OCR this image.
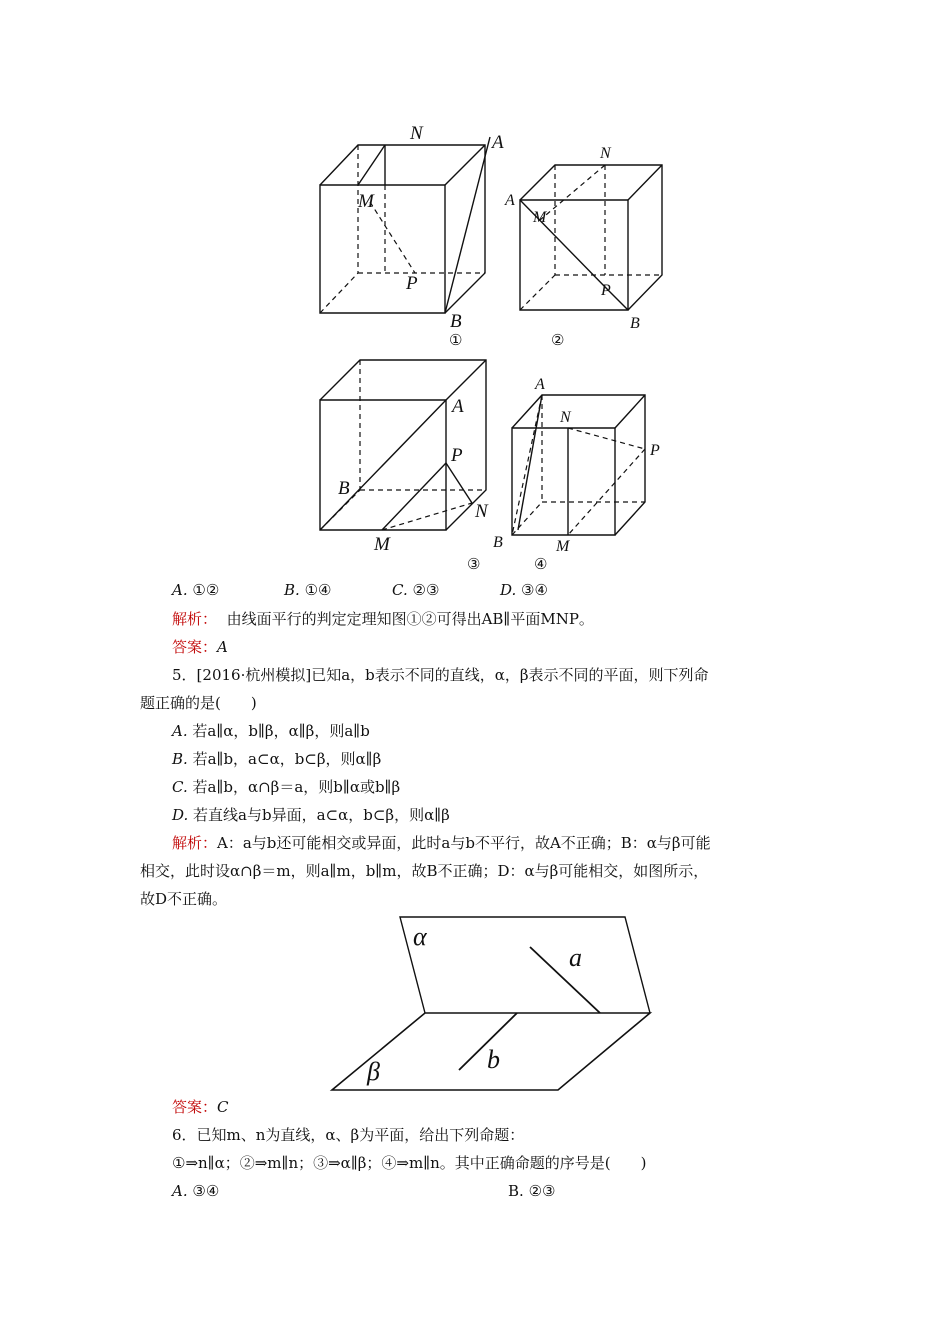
N	A
M
P
B
①
N
A
M
P
B
②
A
P
B
N
M
③
A
N
P
B	M
④
A. ①②	B. ①④	C. ②③	D. ③④
解析： 由线面平行的判定定理知图①②可得出AB∥平面MNP。
答案：A
5．[2016·杭州模拟]已知a，b表示不同的直线，α，β表示不同的平面，则下列命
题正确的是(　　)
A. 若a∥α，b∥β，α∥β，则a∥b
B. 若a∥b，a⊂α，b⊂β，则α∥β
C. 若a∥b，α∩β＝a，则b∥α或b∥β
D. 若直线a与b异面，a⊂α，b⊂β，则α∥β
解析：A：a与b还可能相交或异面，此时a与b不平行，故A不正确；B：α与β可能
相交，此时设α∩β＝m，则a∥m，b∥m，故B不正确；D：α与β可能相交，如图所示，
故D不正确。
α
a
β	b
答案：C
6．已知m、n为直线，α、β为平面，给出下列命题：
①⇒n∥α；②⇒m∥n；③⇒α∥β；④⇒m∥n。其中正确命题的序号是(　　)
A. ③④	B. ②③
